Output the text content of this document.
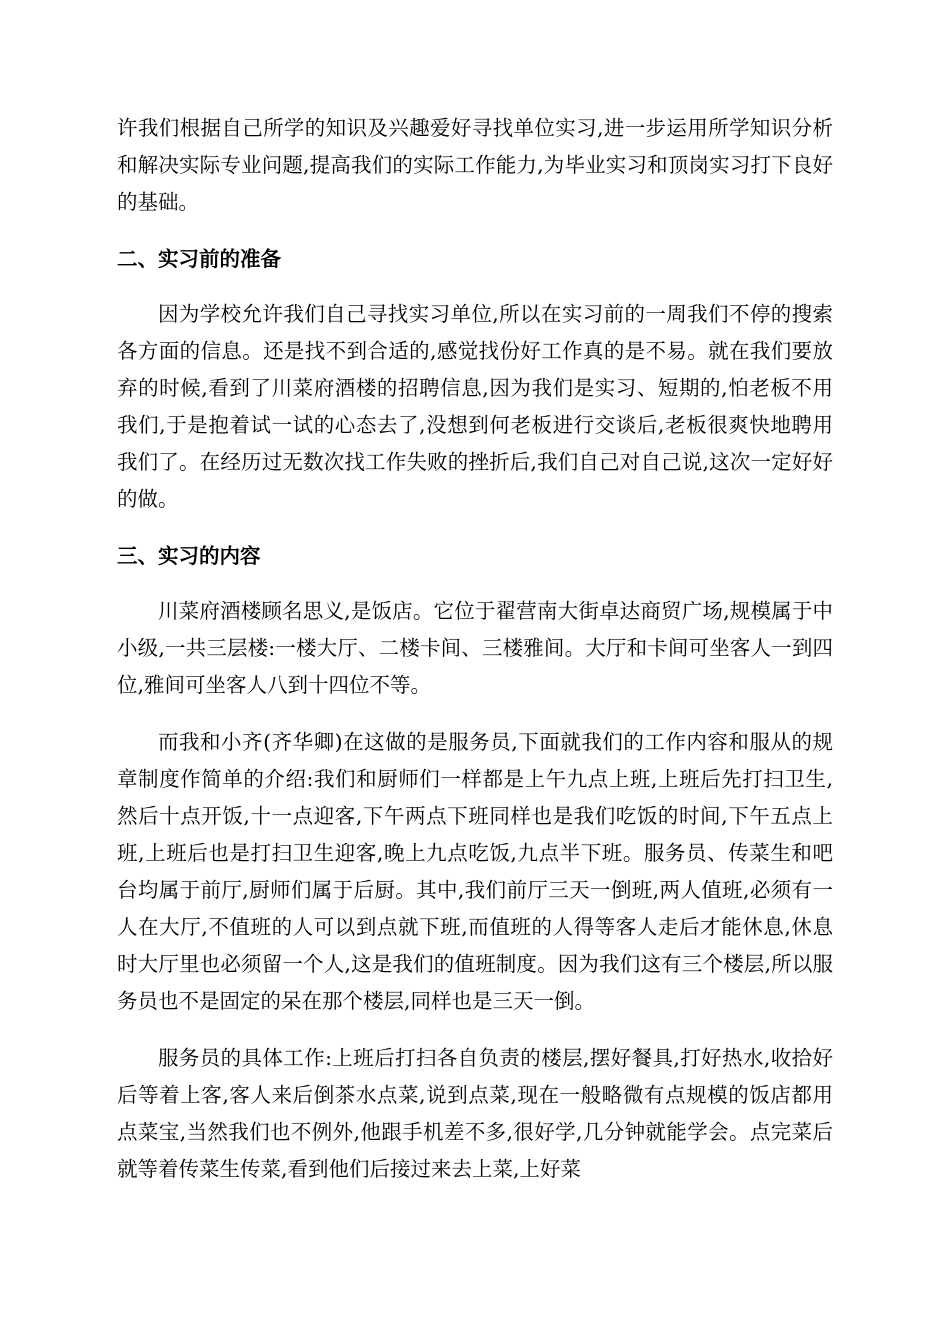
许我们根据自己所学的知识及兴趣爱好寻找单位实习,进一步运用所学知识分析和解决实际专业问题,提高我们的实际工作能力,为毕业实习和顶岗实习打下良好的基础。

二、实习前的准备

因为学校允许我们自己寻找实习单位,所以在实习前的一周我们不停的搜索各方面的信息。还是找不到合适的,感觉找份好工作真的是不易。就在我们要放弃的时候,看到了川菜府酒楼的招聘信息,因为我们是实习、短期的,怕老板不用我们,于是抱着试一试的心态去了,没想到何老板进行交谈后,老板很爽快地聘用我们了。在经历过无数次找工作失败的挫折后,我们自己对自己说,这次一定好好的做。

三、实习的内容

川菜府酒楼顾名思义,是饭店。它位于翟营南大街卓达商贸广场,规模属于中小级,一共三层楼:一楼大厅、二楼卡间、三楼雅间。大厅和卡间可坐客人一到四位,雅间可坐客人八到十四位不等。

而我和小齐(齐华卿)在这做的是服务员,下面就我们的工作内容和服从的规章制度作简单的介绍:我们和厨师们一样都是上午九点上班,上班后先打扫卫生,然后十点开饭,十一点迎客,下午两点下班同样也是我们吃饭的时间,下午五点上班,上班后也是打扫卫生迎客,晚上九点吃饭,九点半下班。服务员、传菜生和吧台均属于前厅,厨师们属于后厨。其中,我们前厅三天一倒班,两人值班,必须有一人在大厅,不值班的人可以到点就下班,而值班的人得等客人走后才能休息,休息时大厅里也必须留一个人,这是我们的值班制度。因为我们这有三个楼层,所以服务员也不是固定的呆在那个楼层,同样也是三天一倒。

服务员的具体工作:上班后打扫各自负责的楼层,摆好餐具,打好热水,收拾好后等着上客,客人来后倒茶水点菜,说到点菜,现在一般略微有点规模的饭店都用点菜宝,当然我们也不例外,他跟手机差不多,很好学,几分钟就能学会。点完菜后就等着传菜生传菜,看到他们后接过来去上菜,上好菜
